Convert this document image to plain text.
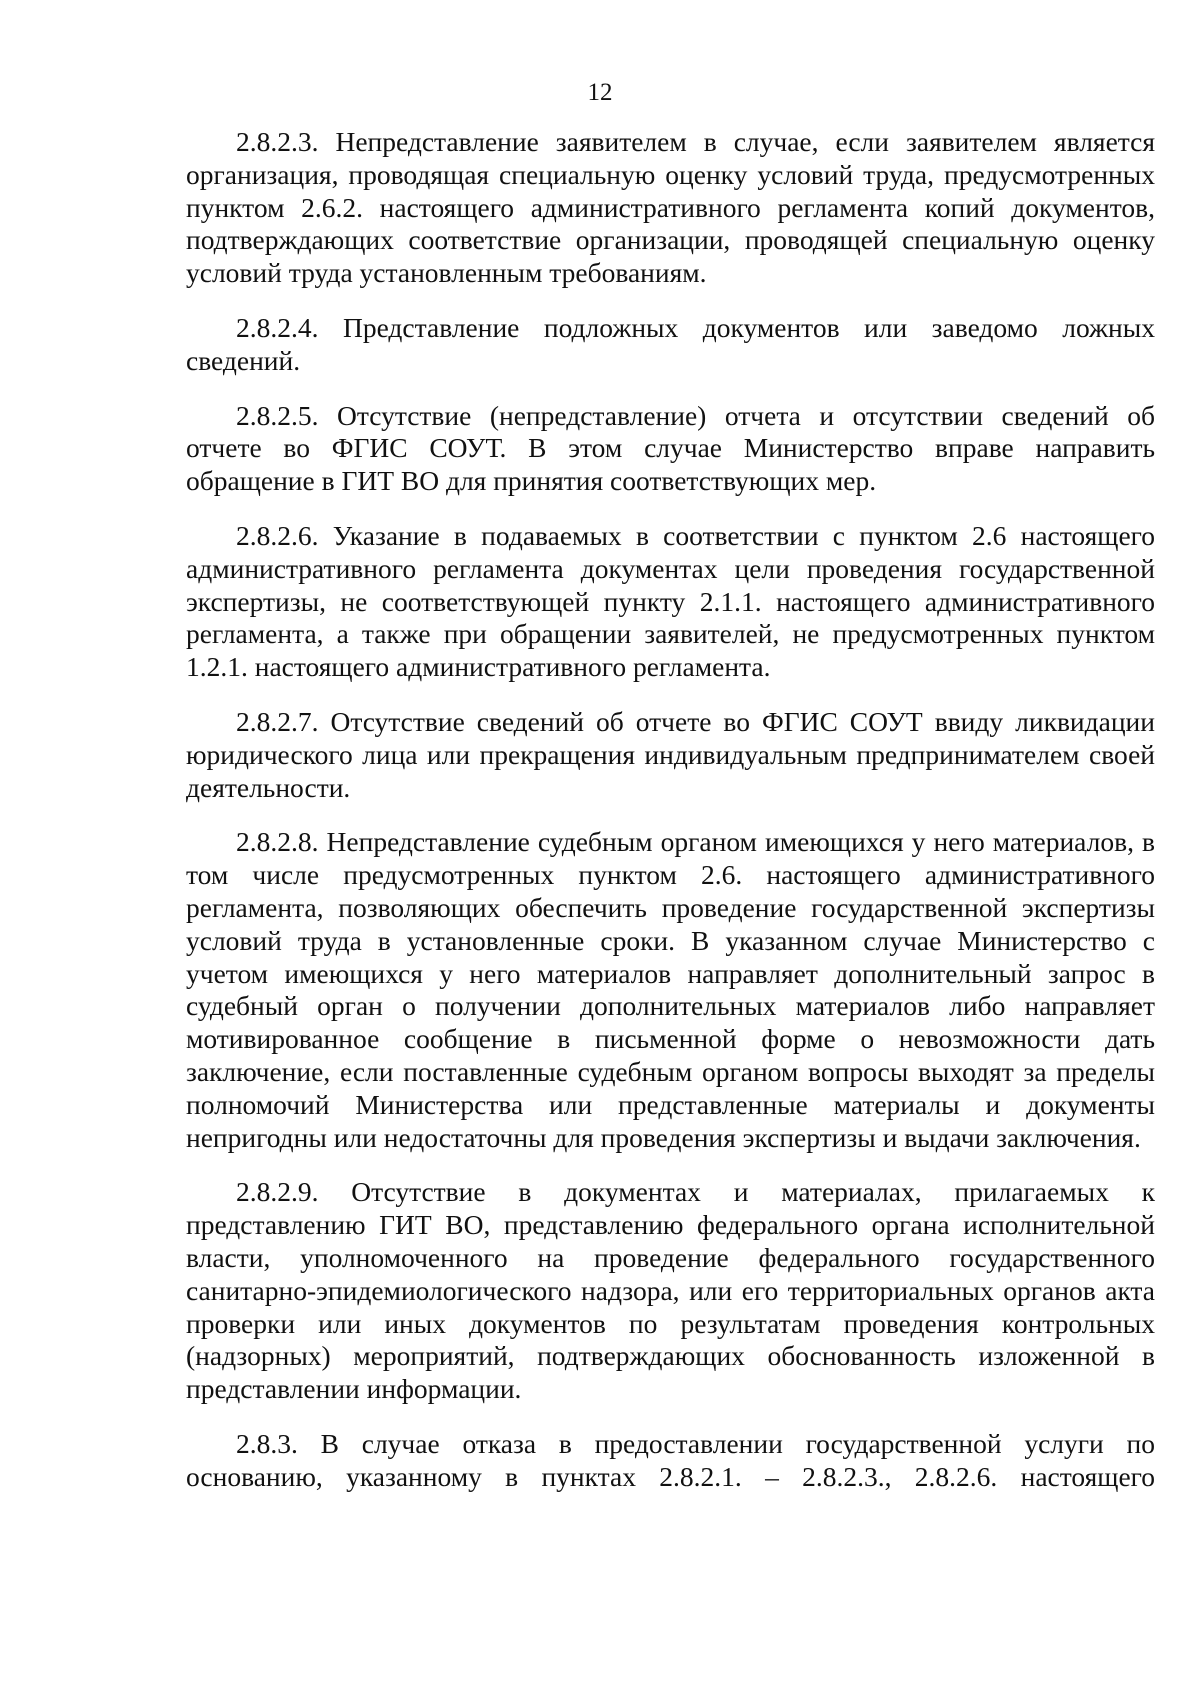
12

2.8.2.3. Непредставление заявителем в случае, если заявителем является организация, проводящая специальную оценку условий труда, предусмотренных пунктом 2.6.2. настоящего административного регламента копий документов, подтверждающих соответствие организации, проводящей специальную оценку условий труда установленным требованиям.

2.8.2.4. Представление подложных документов или заведомо ложных сведений.

2.8.2.5. Отсутствие (непредставление) отчета и отсутствии сведений об отчете во ФГИС СОУТ. В этом случае Министерство вправе направить обращение в ГИТ ВО для принятия соответствующих мер.

2.8.2.6. Указание в подаваемых в соответствии с пунктом 2.6 настоящего административного регламента документах цели проведения государственной экспертизы, не соответствующей пункту 2.1.1. настоящего административного регламента, а также при обращении заявителей, не предусмотренных пунктом 1.2.1. настоящего административного регламента.

2.8.2.7. Отсутствие сведений об отчете во ФГИС СОУТ ввиду ликвидации юридического лица или прекращения индивидуальным предпринимателем своей деятельности.

2.8.2.8. Непредставление судебным органом имеющихся у него материалов, в том числе предусмотренных пунктом 2.6. настоящего административного регламента, позволяющих обеспечить проведение государственной экспертизы условий труда в установленные сроки. В указанном случае Министерство с учетом имеющихся у него материалов направляет дополнительный запрос в судебный орган о получении дополнительных материалов либо направляет мотивированное сообщение в письменной форме о невозможности дать заключение, если поставленные судебным органом вопросы выходят за пределы полномочий Министерства или представленные материалы и документы непригодны или недостаточны для проведения экспертизы и выдачи заключения.

2.8.2.9. Отсутствие в документах и материалах, прилагаемых к представлению ГИТ ВО, представлению федерального органа исполнительной власти, уполномоченного на проведение федерального государственного санитарно-эпидемиологического надзора, или его территориальных органов акта проверки или иных документов по результатам проведения контрольных (надзорных) мероприятий, подтверждающих обоснованность изложенной в представлении информации.

2.8.3. В случае отказа в предоставлении государственной услуги по основанию, указанному в пунктах 2.8.2.1. – 2.8.2.3., 2.8.2.6. настоящего
